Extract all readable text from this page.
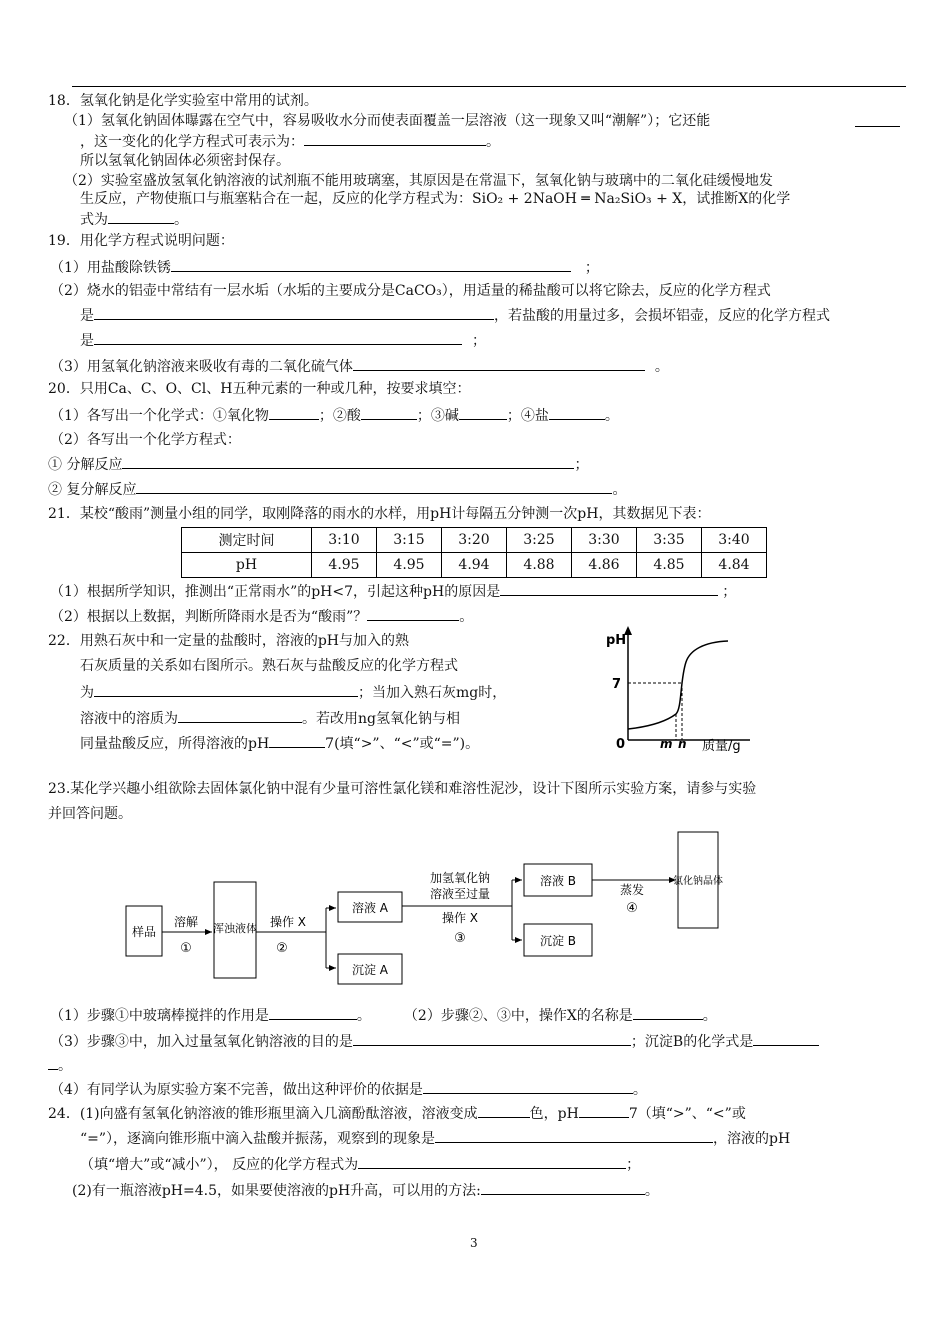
18．氢氧化钠是化学实验室中常用的试剂。
（1）氢氧化钠固体曝露在空气中，容易吸收水分而使表面覆盖一层溶液（这一现象又叫“潮解”）；它还能
，这一变化的化学方程式可表示为：	。
所以氢氧化钠固体必须密封保存。
（2）实验室盛放氢氧化钠溶液的试剂瓶不能用玻璃塞，其原因是在常温下，氢氧化钠与玻璃中的二氧化硅缓慢地发
生反应，产物使瓶口与瓶塞粘合在一起，反应的化学方程式为：SiO₂ + 2NaOH ═ Na₂SiO₃ + X，试推断X的化学
式为	。
19．用化学方程式说明问题：
（1）用盐酸除铁锈	；
（2）烧水的铝壶中常结有一层水垢（水垢的主要成分是CaCO₃），用适量的稀盐酸可以将它除去，反应的化学方程式
是	，若盐酸的用量过多，会损坏铝壶，反应的化学方程式
是	；
（3）用氢氧化钠溶液来吸收有毒的二氧化硫气体	。
20．只用Ca、C、O、Cl、H五种元素的一种或几种，按要求填空：
（1）各写出一个化学式：①氧化物	；②酸	；③碱	；④盐	。
（2）各写出一个化学方程式：
① 分解反应	；
② 复分解反应	。
21．某校“酸雨”测量小组的同学，取刚降落的雨水的水样，用pH计每隔五分钟测一次pH，其数据见下表：
测定时间	3:10	3:15	3:20	3:25	3:30	3:35	3:40
pH	4.95	4.95	4.94	4.88	4.86	4.85	4.84
（1）根据所学知识，推测出“正常雨水”的pH<7，引起这种pH的原因是	；
（2）根据以上数据，判断所降雨水是否为“酸雨”？	。
22．用熟石灰中和一定量的盐酸时，溶液的pH与加入的熟
石灰质量的关系如右图所示。熟石灰与盐酸反应的化学方程式
为	；当加入熟石灰mg时，
溶液中的溶质为	。若改用ng氢氧化钠与相
同量盐酸反应，所得溶液的pH	7(填“>”、“<”或“=”)。
pH
7
0	m n 质量/g
23.某化学兴趣小组欲除去固体氯化钠中混有少量可溶性氯化镁和难溶性泥沙，设计下图所示实验方案，请参与实验
并回答问题。
样品
溶解
①
浑浊液体 操作 X
②
溶液 A
沉淀 A
加氢氧化钠
溶液至过量
操作 X
③
溶液 B
沉淀 B
蒸发
④
氯化钠晶体
（1）步骤①中玻璃棒搅拌的作用是	。	（2）步骤②、③中，操作X的名称是	。
（3）步骤③中，加入过量氢氧化钠溶液的目的是	；沉淀B的化学式是
。
（4）有同学认为原实验方案不完善，做出这种评价的依据是	。
24．(1)向盛有氢氧化钠溶液的锥形瓶里滴入几滴酚酞溶液，溶液变成	色，pH	7（填“>”、“<”或
“=”），逐滴向锥形瓶中滴入盐酸并振荡，观察到的现象是	，溶液的pH
（填“增大”或“减小”）， 反应的化学方程式为	；
(2)有一瓶溶液pH=4.5，如果要使溶液的pH升高，可以用的方法:	。
3
